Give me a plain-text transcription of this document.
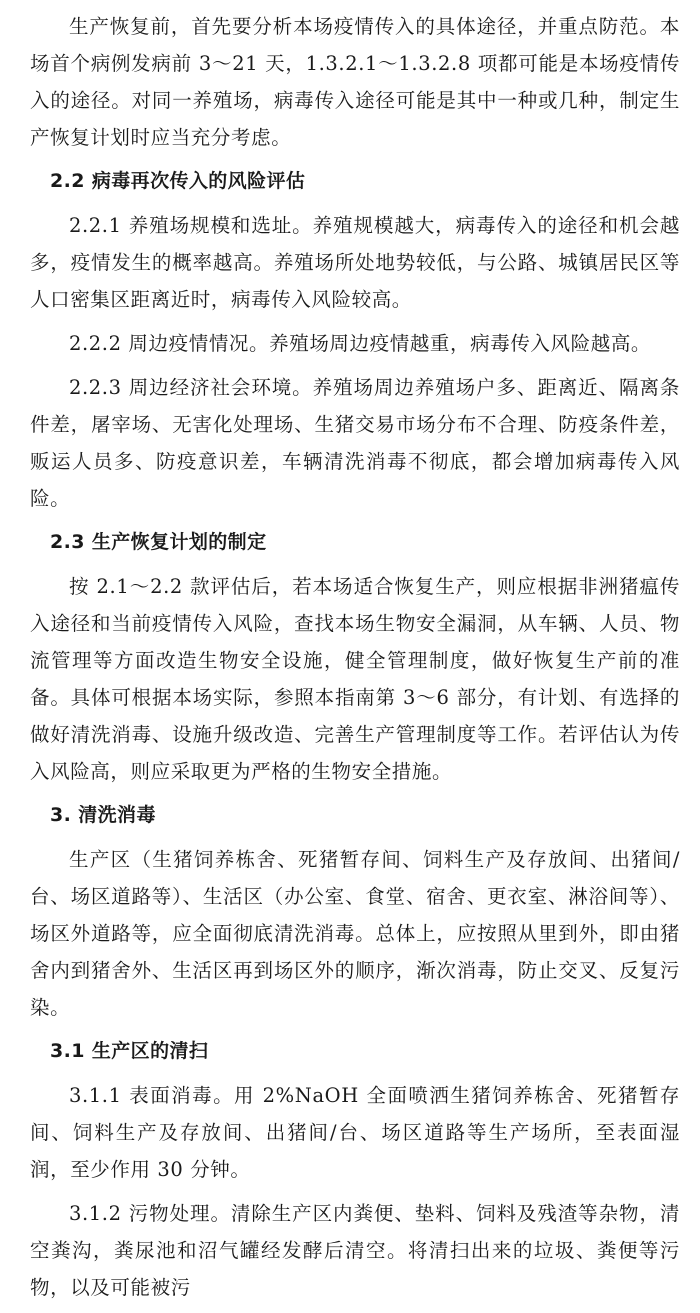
生产恢复前，首先要分析本场疫情传入的具体途径，并重点防范。本场首个病例发病前 3～21 天，1.3.2.1～1.3.2.8 项都可能是本场疫情传入的途径。对同一养殖场，病毒传入途径可能是其中一种或几种，制定生产恢复计划时应当充分考虑。

2.2 病毒再次传入的风险评估

2.2.1 养殖场规模和选址。养殖规模越大，病毒传入的途径和机会越多，疫情发生的概率越高。养殖场所处地势较低，与公路、城镇居民区等人口密集区距离近时，病毒传入风险较高。

2.2.2 周边疫情情况。养殖场周边疫情越重，病毒传入风险越高。

2.2.3 周边经济社会环境。养殖场周边养殖场户多、距离近、隔离条件差，屠宰场、无害化处理场、生猪交易市场分布不合理、防疫条件差，贩运人员多、防疫意识差，车辆清洗消毒不彻底，都会增加病毒传入风险。

2.3 生产恢复计划的制定

按 2.1～2.2 款评估后，若本场适合恢复生产，则应根据非洲猪瘟传入途径和当前疫情传入风险，查找本场生物安全漏洞，从车辆、人员、物流管理等方面改造生物安全设施，健全管理制度，做好恢复生产前的准备。具体可根据本场实际，参照本指南第 3～6 部分，有计划、有选择的做好清洗消毒、设施升级改造、完善生产管理制度等工作。若评估认为传入风险高，则应采取更为严格的生物安全措施。

3. 清洗消毒

生产区（生猪饲养栋舍、死猪暂存间、饲料生产及存放间、出猪间/台、场区道路等）、生活区（办公室、食堂、宿舍、更衣室、淋浴间等）、场区外道路等，应全面彻底清洗消毒。总体上，应按照从里到外，即由猪舍内到猪舍外、生活区再到场区外的顺序，渐次消毒，防止交叉、反复污染。

3.1 生产区的清扫

3.1.1 表面消毒。用 2%NaOH 全面喷洒生猪饲养栋舍、死猪暂存间、饲料生产及存放间、出猪间/台、场区道路等生产场所，至表面湿润，至少作用 30 分钟。

3.1.2 污物处理。清除生产区内粪便、垫料、饲料及残渣等杂物，清空粪沟，粪尿池和沼气罐经发酵后清空。将清扫出来的垃圾、粪便等污物，以及可能被污
